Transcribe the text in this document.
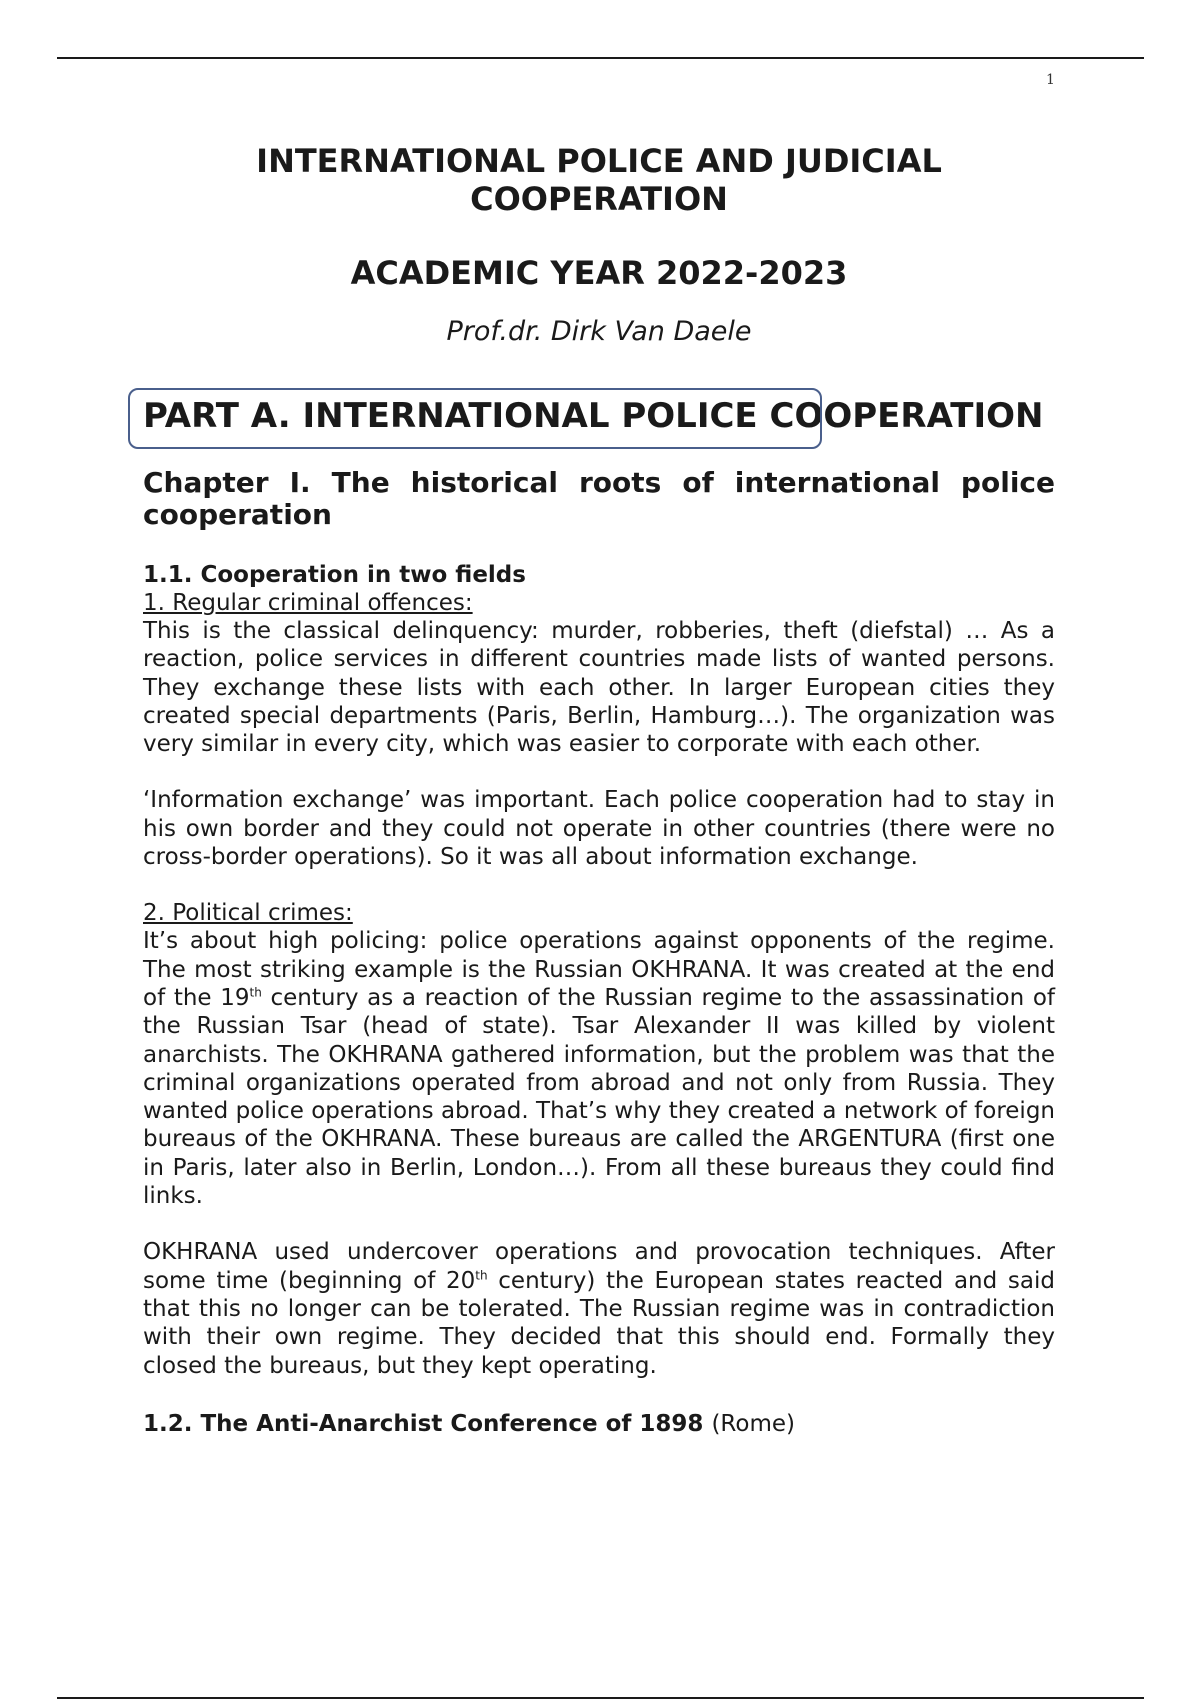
1
INTERNATIONAL POLICE AND JUDICIAL
COOPERATION
ACADEMIC YEAR 2022-2023
Prof.dr. Dirk Van Daele
PART A. INTERNATIONAL POLICE COOPERATION
Chapter I. The historical roots of international police cooperation
1.1. Cooperation in two fields
1. Regular criminal offences:

This is the classical delinquency: murder, robberies, theft (diefstal) … As a reaction, police services in different countries made lists of wanted persons. They exchange these lists with each other. In larger European cities they created special departments (Paris, Berlin, Hamburg…). The organization was very similar in every city, which was easier to corporate with each other.

‘Information exchange’ was important. Each police cooperation had to stay in his own border and they could not operate in other countries (there were no cross-border operations). So it was all about information exchange.

2. Political crimes:

It’s about high policing: police operations against opponents of the regime. The most striking example is the Russian OKHRANA. It was created at the end of the 19th century as a reaction of the Russian regime to the assassination of the Russian Tsar (head of state). Tsar Alexander II was killed by violent anarchists. The OKHRANA gathered information, but the problem was that the criminal organizations operated from abroad and not only from Russia. They wanted police operations abroad. That’s why they created a network of foreign bureaus of the OKHRANA. These bureaus are called the ARGENTURA (first one in Paris, later also in Berlin, London…). From all these bureaus they could find links.

OKHRANA used undercover operations and provocation techniques. After some time (beginning of 20th century) the European states reacted and said that this no longer can be tolerated. The Russian regime was in contradiction with their own regime. They decided that this should end. Formally they closed the bureaus, but they kept operating.

1.2. The Anti-Anarchist Conference of 1898 (Rome)
